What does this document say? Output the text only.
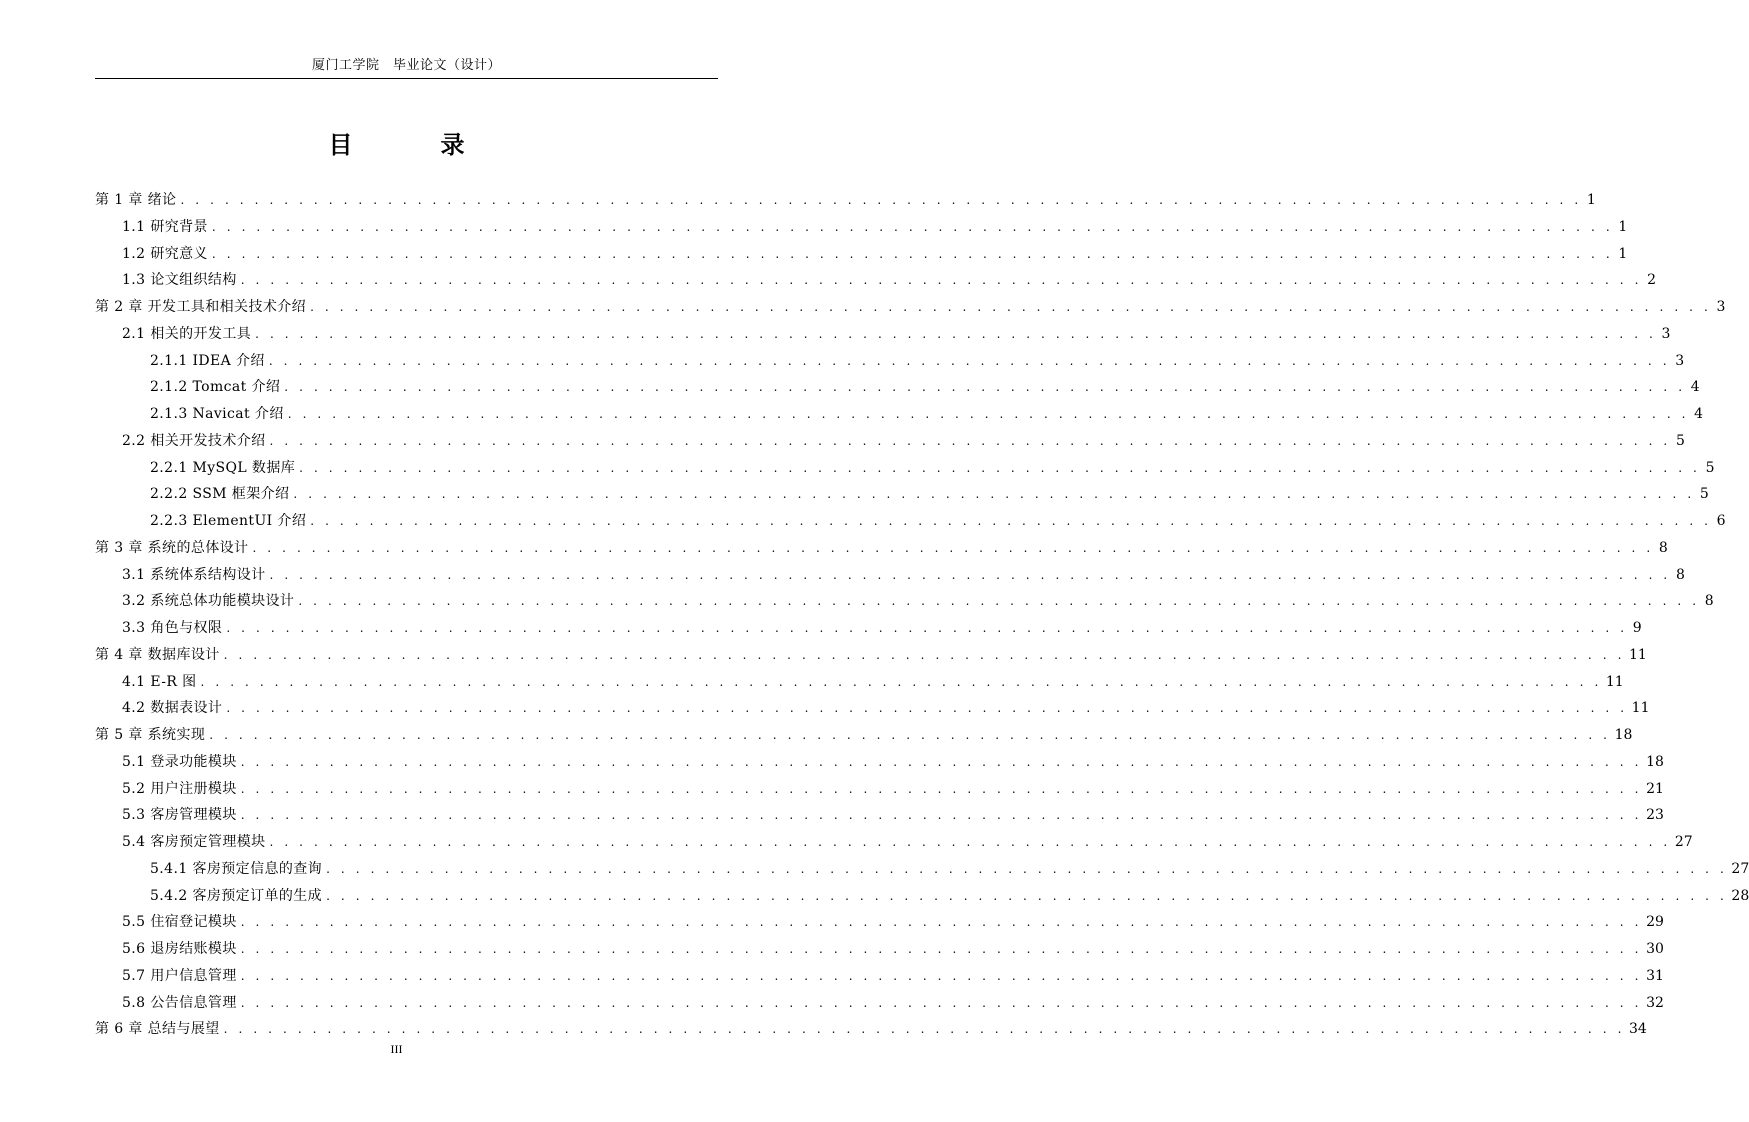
厦门工学院　毕业论文（设计）
目　录
第 1 章 绪论 . . . . . . . . . . . . . . . . . . . . . . . . . . . . . . . . . . . . . . . . . . . . . . . . . . . . . . . . . . . . . . . . . . . . . . . . . . . . . . . . . . . . . . . . . . . . . . . 1
1.1 研究背景 . . . . . . . . . . . . . . . . . . . . . . . . . . . . . . . . . . . . . . . . . . . . . . . . . . . . . . . . . . . . . . . . . . . . . . . . . . . . . . . . . . . . . . . . . . . . . . . 1
1.2 研究意义 . . . . . . . . . . . . . . . . . . . . . . . . . . . . . . . . . . . . . . . . . . . . . . . . . . . . . . . . . . . . . . . . . . . . . . . . . . . . . . . . . . . . . . . . . . . . . . . 1
1.3 论文组织结构 . . . . . . . . . . . . . . . . . . . . . . . . . . . . . . . . . . . . . . . . . . . . . . . . . . . . . . . . . . . . . . . . . . . . . . . . . . . . . . . . . . . . . . . . . . . . . . . 2
第 2 章 开发工具和相关技术介绍 . . . . . . . . . . . . . . . . . . . . . . . . . . . . . . . . . . . . . . . . . . . . . . . . . . . . . . . . . . . . . . . . . . . . . . . . . . . . . . . . . . . . . . . . . . . . . . . 3
2.1 相关的开发工具 . . . . . . . . . . . . . . . . . . . . . . . . . . . . . . . . . . . . . . . . . . . . . . . . . . . . . . . . . . . . . . . . . . . . . . . . . . . . . . . . . . . . . . . . . . . . . . . 3
2.1.1 IDEA 介绍 . . . . . . . . . . . . . . . . . . . . . . . . . . . . . . . . . . . . . . . . . . . . . . . . . . . . . . . . . . . . . . . . . . . . . . . . . . . . . . . . . . . . . . . . . . . . . . . 3
2.1.2 Tomcat 介绍 . . . . . . . . . . . . . . . . . . . . . . . . . . . . . . . . . . . . . . . . . . . . . . . . . . . . . . . . . . . . . . . . . . . . . . . . . . . . . . . . . . . . . . . . . . . . . . . 4
2.1.3 Navicat 介绍 . . . . . . . . . . . . . . . . . . . . . . . . . . . . . . . . . . . . . . . . . . . . . . . . . . . . . . . . . . . . . . . . . . . . . . . . . . . . . . . . . . . . . . . . . . . . . . . 4
2.2 相关开发技术介绍 . . . . . . . . . . . . . . . . . . . . . . . . . . . . . . . . . . . . . . . . . . . . . . . . . . . . . . . . . . . . . . . . . . . . . . . . . . . . . . . . . . . . . . . . . . . . . . . 5
2.2.1 MySQL 数据库 . . . . . . . . . . . . . . . . . . . . . . . . . . . . . . . . . . . . . . . . . . . . . . . . . . . . . . . . . . . . . . . . . . . . . . . . . . . . . . . . . . . . . . . . . . . . . . . 5
2.2.2 SSM 框架介绍 . . . . . . . . . . . . . . . . . . . . . . . . . . . . . . . . . . . . . . . . . . . . . . . . . . . . . . . . . . . . . . . . . . . . . . . . . . . . . . . . . . . . . . . . . . . . . . . 5
2.2.3 ElementUI 介绍 . . . . . . . . . . . . . . . . . . . . . . . . . . . . . . . . . . . . . . . . . . . . . . . . . . . . . . . . . . . . . . . . . . . . . . . . . . . . . . . . . . . . . . . . . . . . . . . 6
第 3 章 系统的总体设计 . . . . . . . . . . . . . . . . . . . . . . . . . . . . . . . . . . . . . . . . . . . . . . . . . . . . . . . . . . . . . . . . . . . . . . . . . . . . . . . . . . . . . . . . . . . . . . . 8
3.1 系统体系结构设计 . . . . . . . . . . . . . . . . . . . . . . . . . . . . . . . . . . . . . . . . . . . . . . . . . . . . . . . . . . . . . . . . . . . . . . . . . . . . . . . . . . . . . . . . . . . . . . . 8
3.2 系统总体功能模块设计 . . . . . . . . . . . . . . . . . . . . . . . . . . . . . . . . . . . . . . . . . . . . . . . . . . . . . . . . . . . . . . . . . . . . . . . . . . . . . . . . . . . . . . . . . . . . . . . 8
3.3 角色与权限 . . . . . . . . . . . . . . . . . . . . . . . . . . . . . . . . . . . . . . . . . . . . . . . . . . . . . . . . . . . . . . . . . . . . . . . . . . . . . . . . . . . . . . . . . . . . . . . 9
第 4 章 数据库设计 . . . . . . . . . . . . . . . . . . . . . . . . . . . . . . . . . . . . . . . . . . . . . . . . . . . . . . . . . . . . . . . . . . . . . . . . . . . . . . . . . . . . . . . . . . . . . . . 11
4.1 E-R 图 . . . . . . . . . . . . . . . . . . . . . . . . . . . . . . . . . . . . . . . . . . . . . . . . . . . . . . . . . . . . . . . . . . . . . . . . . . . . . . . . . . . . . . . . . . . . . . . 11
4.2 数据表设计 . . . . . . . . . . . . . . . . . . . . . . . . . . . . . . . . . . . . . . . . . . . . . . . . . . . . . . . . . . . . . . . . . . . . . . . . . . . . . . . . . . . . . . . . . . . . . . . 11
第 5 章 系统实现 . . . . . . . . . . . . . . . . . . . . . . . . . . . . . . . . . . . . . . . . . . . . . . . . . . . . . . . . . . . . . . . . . . . . . . . . . . . . . . . . . . . . . . . . . . . . . . . 18
5.1 登录功能模块 . . . . . . . . . . . . . . . . . . . . . . . . . . . . . . . . . . . . . . . . . . . . . . . . . . . . . . . . . . . . . . . . . . . . . . . . . . . . . . . . . . . . . . . . . . . . . . . 18
5.2 用户注册模块 . . . . . . . . . . . . . . . . . . . . . . . . . . . . . . . . . . . . . . . . . . . . . . . . . . . . . . . . . . . . . . . . . . . . . . . . . . . . . . . . . . . . . . . . . . . . . . . 21
5.3 客房管理模块 . . . . . . . . . . . . . . . . . . . . . . . . . . . . . . . . . . . . . . . . . . . . . . . . . . . . . . . . . . . . . . . . . . . . . . . . . . . . . . . . . . . . . . . . . . . . . . . 23
5.4 客房预定管理模块 . . . . . . . . . . . . . . . . . . . . . . . . . . . . . . . . . . . . . . . . . . . . . . . . . . . . . . . . . . . . . . . . . . . . . . . . . . . . . . . . . . . . . . . . . . . . . . . 27
5.4.1 客房预定信息的查询 . . . . . . . . . . . . . . . . . . . . . . . . . . . . . . . . . . . . . . . . . . . . . . . . . . . . . . . . . . . . . . . . . . . . . . . . . . . . . . . . . . . . . . . . . . . . . . . 27
5.4.2 客房预定订单的生成 . . . . . . . . . . . . . . . . . . . . . . . . . . . . . . . . . . . . . . . . . . . . . . . . . . . . . . . . . . . . . . . . . . . . . . . . . . . . . . . . . . . . . . . . . . . . . . . 28
5.5 住宿登记模块 . . . . . . . . . . . . . . . . . . . . . . . . . . . . . . . . . . . . . . . . . . . . . . . . . . . . . . . . . . . . . . . . . . . . . . . . . . . . . . . . . . . . . . . . . . . . . . . 29
5.6 退房结账模块 . . . . . . . . . . . . . . . . . . . . . . . . . . . . . . . . . . . . . . . . . . . . . . . . . . . . . . . . . . . . . . . . . . . . . . . . . . . . . . . . . . . . . . . . . . . . . . . 30
5.7 用户信息管理 . . . . . . . . . . . . . . . . . . . . . . . . . . . . . . . . . . . . . . . . . . . . . . . . . . . . . . . . . . . . . . . . . . . . . . . . . . . . . . . . . . . . . . . . . . . . . . . 31
5.8 公告信息管理 . . . . . . . . . . . . . . . . . . . . . . . . . . . . . . . . . . . . . . . . . . . . . . . . . . . . . . . . . . . . . . . . . . . . . . . . . . . . . . . . . . . . . . . . . . . . . . . 32
第 6 章 总结与展望 . . . . . . . . . . . . . . . . . . . . . . . . . . . . . . . . . . . . . . . . . . . . . . . . . . . . . . . . . . . . . . . . . . . . . . . . . . . . . . . . . . . . . . . . . . . . . . . 34
III
